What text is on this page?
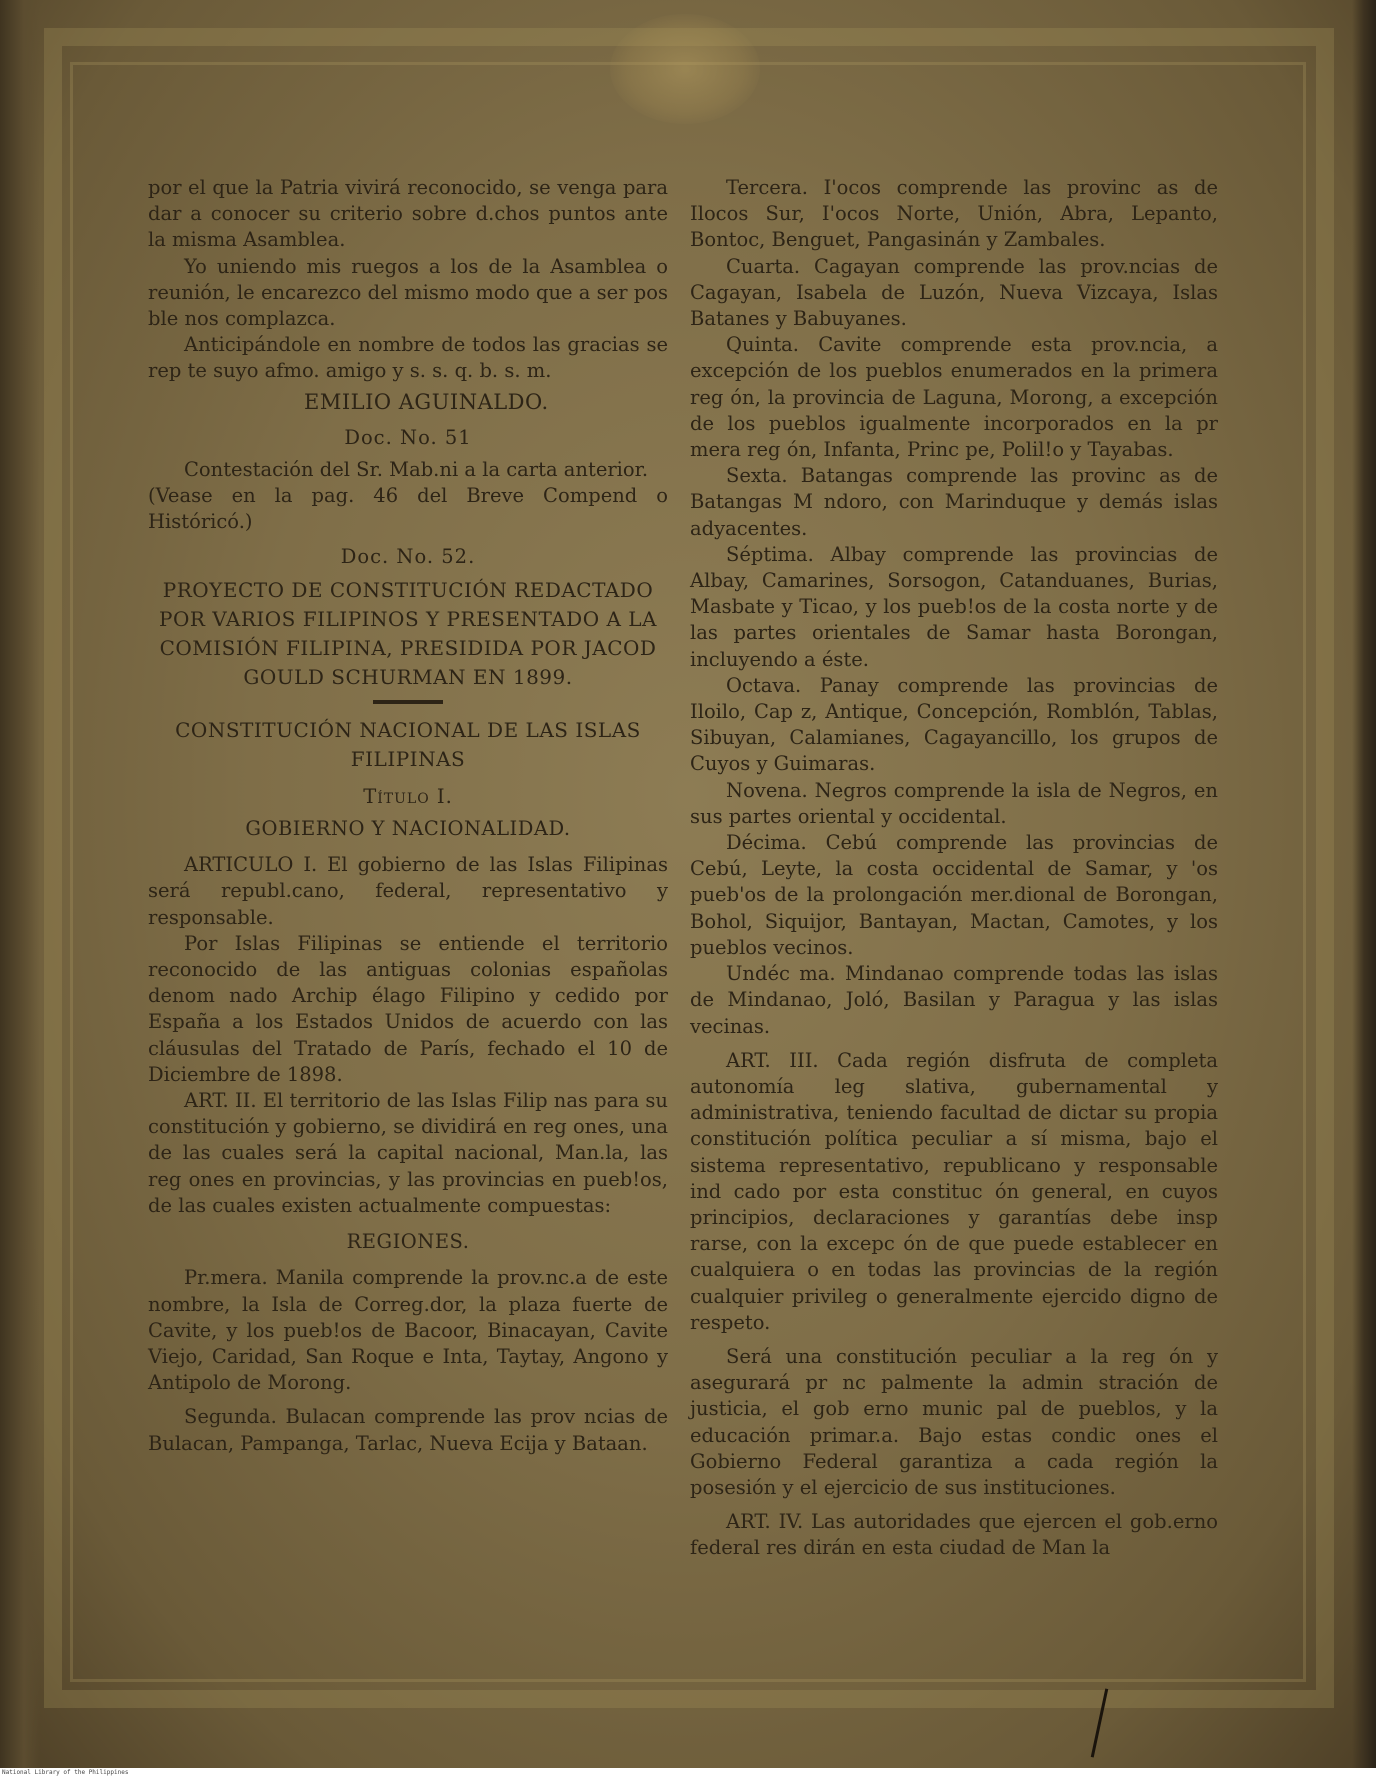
por el que la Patria vivirá reconocido, se venga para dar a conocer su criterio sobre d.chos puntos ante la misma Asamblea.

Yo uniendo mis ruegos a los de la Asamblea o reunión, le encarezco del mismo modo que a ser pos ble nos complazca.

Anticipándole en nombre de todos las gracias se rep te suyo afmo. amigo y s. s. q. b. s. m.

EMILIO AGUINALDO.

Doc. No. 51

Contestación del Sr. Mab.ni a la carta anterior.

(Vease en la pag. 46 del Breve Compend o Históricó.)

Doc. No. 52.

PROYECTO DE CONSTITUCIÓN REDACTADO POR VARIOS FILIPINOS Y PRESENTADO A LA COMISIÓN FILIPINA, PRESIDIDA POR JACOD GOULD SCHURMAN EN 1899.

CONSTITUCIÓN NACIONAL DE LAS ISLAS FILIPINAS

Título I.

GOBIERNO Y NACIONALIDAD.

ARTICULO I. El gobierno de las Islas Filipinas será republ.cano, federal, representativo y responsable.

Por Islas Filipinas se entiende el territorio reconocido de las antiguas colonias españolas denom nado Archip élago Filipino y cedido por España a los Estados Unidos de acuerdo con las cláusulas del Tratado de París, fechado el 10 de Diciembre de 1898.

ART. II. El territorio de las Islas Filip nas para su constitución y gobierno, se dividirá en reg ones, una de las cuales será la capital nacional, Man.la, las reg ones en provincias, y las provincias en pueb!os, de las cuales existen actualmente compuestas:

REGIONES.

Pr.mera. Manila comprende la prov.nc.a de este nombre, la Isla de Correg.dor, la plaza fuerte de Cavite, y los pueb!os de Bacoor, Binacayan, Cavite Viejo, Caridad, San Roque e Inta, Taytay, Angono y Antipolo de Morong.

Segunda. Bulacan comprende las prov ncias de Bulacan, Pampanga, Tarlac, Nueva Ecija y Bataan.

Tercera. I'ocos comprende las provinc as de Ilocos Sur, I'ocos Norte, Unión, Abra, Lepanto, Bontoc, Benguet, Pangasinán y Zambales.

Cuarta. Cagayan comprende las prov.ncias de Cagayan, Isabela de Luzón, Nueva Vizcaya, Islas Batanes y Babuyanes.

Quinta. Cavite comprende esta prov.ncia, a excepción de los pueblos enumerados en la primera reg ón, la provincia de Laguna, Morong, a excepción de los pueblos igualmente incorporados en la pr mera reg ón, Infanta, Princ pe, Polil!o y Tayabas.

Sexta. Batangas comprende las provinc as de Batangas M ndoro, con Marinduque y demás islas adyacentes.

Séptima. Albay comprende las provincias de Albay, Camarines, Sorsogon, Catanduanes, Burias, Masbate y Ticao, y los pueb!os de la costa norte y de las partes orientales de Samar hasta Borongan, incluyendo a éste.

Octava. Panay comprende las provincias de Iloilo, Cap z, Antique, Concepción, Romblón, Tablas, Sibuyan, Calamianes, Cagayancillo, los grupos de Cuyos y Guimaras.

Novena. Negros comprende la isla de Negros, en sus partes oriental y occidental.

Décima. Cebú comprende las provincias de Cebú, Leyte, la costa occidental de Samar, y 'os pueb'os de la prolongación mer.dional de Borongan, Bohol, Siquijor, Bantayan, Mactan, Camotes, y los pueblos vecinos.

Undéc ma. Mindanao comprende todas las islas de Mindanao, Joló, Basilan y Paragua y las islas vecinas.

ART. III. Cada región disfruta de completa autonomía leg slativa, gubernamental y administrativa, teniendo facultad de dictar su propia constitución política peculiar a sí misma, bajo el sistema representativo, republicano y responsable ind cado por esta constituc ón general, en cuyos principios, declaraciones y garantías debe insp rarse, con la excepc ón de que puede establecer en cualquiera o en todas las provincias de la región cualquier privileg o generalmente ejercido digno de respeto.

Será una constitución peculiar a la reg ón y asegurará pr nc palmente la admin stración de justicia, el gob erno munic pal de pueblos, y la educación primar.a. Bajo estas condic ones el Gobierno Federal garantiza a cada región la posesión y el ejercicio de sus instituciones.

ART. IV. Las autoridades que ejercen el gob.erno federal res dirán en esta ciudad de Man la

National Library of the Philippines
